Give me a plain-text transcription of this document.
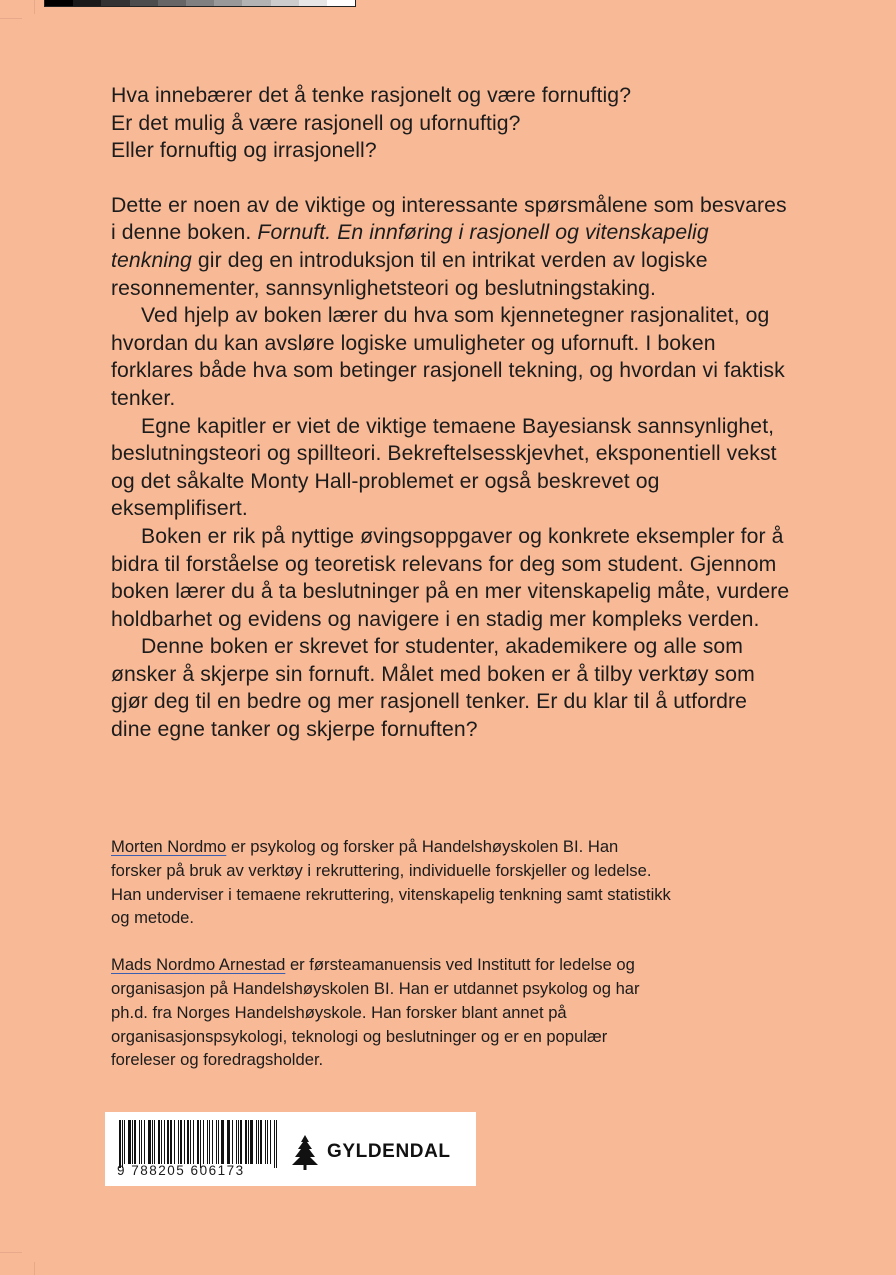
Hva innebærer det å tenke rasjonelt og være fornuftig?

Er det mulig å være rasjonell og ufornuftig?

Eller fornuftig og irrasjonell?

Dette er noen av de viktige og interessante spørsmålene som besvares i denne boken. Fornuft. En innføring i rasjonell og vitenskapelig tenkning gir deg en introduksjon til en intrikat verden av logiske resonnementer, sannsynlighetsteori og beslutningstaking.

Ved hjelp av boken lærer du hva som kjennetegner rasjonalitet, og hvordan du kan avsløre logiske umuligheter og ufornuft. I boken forklares både hva som betinger rasjonell tekning, og hvordan vi faktisk tenker.

Egne kapitler er viet de viktige temaene Bayesiansk sannsynlighet, beslutningsteori og spillteori. Bekreftelsesskjevhet, eksponentiell vekst og det såkalte Monty Hall-problemet er også beskrevet og eksemplifisert.

Boken er rik på nyttige øvingsoppgaver og konkrete eksempler for å bidra til forståelse og teoretisk relevans for deg som student. Gjennom boken lærer du å ta beslutninger på en mer vitenskapelig måte, vurdere holdbarhet og evidens og navigere i en stadig mer kompleks verden.

Denne boken er skrevet for studenter, akademikere og alle som ønsker å skjerpe sin fornuft. Målet med boken er å tilby verktøy som gjør deg til en bedre og mer rasjonell tenker. Er du klar til å utfordre dine egne tanker og skjerpe fornuften?

Morten Nordmo er psykolog og forsker på Handelshøyskolen BI. Han forsker på bruk av verktøy i rekruttering, individuelle forskjeller og ledelse. Han underviser i temaene rekruttering, vitenskapelig tenkning samt statistikk og metode.

Mads Nordmo Arnestad er førsteamanuensis ved Institutt for ledelse og organisasjon på Handelshøyskolen BI. Han er utdannet psykolog og har ph.d. fra Norges Handelshøyskole. Han forsker blant annet på organisasjonspsykologi, teknologi og beslutninger og er en populær foreleser og foredragsholder.

9 788205 606173
GYLDENDAL
